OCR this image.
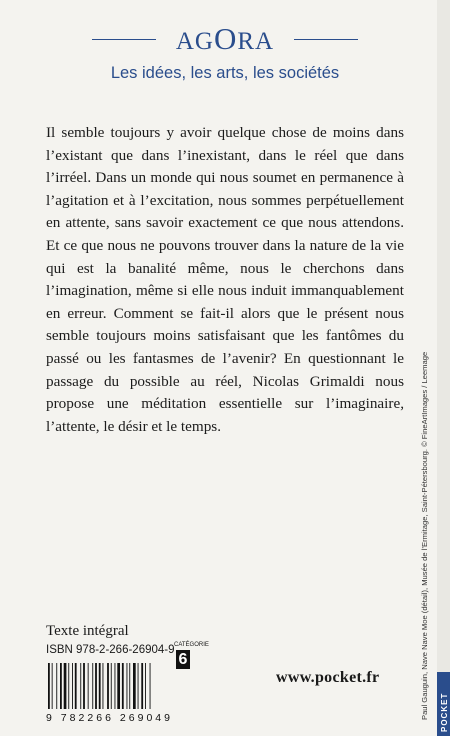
POCKET
AGORA
Les idées, les arts, les sociétés
Il semble toujours y avoir quelque chose de moins dans l’existant que dans l’inexistant, dans le réel que dans l’irréel. Dans un monde qui nous soumet en permanence à l’agitation et à l’excitation, nous sommes perpétuellement en attente, sans savoir exactement ce que nous attendons. Et ce que nous ne pouvons trouver dans la nature de la vie qui est la banalité même, nous le cherchons dans l’imagination, même si elle nous induit immanquablement en erreur. Comment se fait-il alors que le présent nous semble toujours moins satisfaisant que les fantômes du passé ou les fantasmes de l’avenir? En questionnant le passage du possible au réel, Nicolas Grimaldi nous propose une méditation essentielle sur l’imaginaire, l’attente, le désir et le temps.	Paul Gauguin, Nave Nave Moe (détail), Musée de l’Ermitage, Saint-Pétersbourg. © FineArtImages / Leemage
Texte intégral
ISBN 978-2-266-26904-9
9 782266 269049
CATÉGORIE
6
www.pocket.fr
